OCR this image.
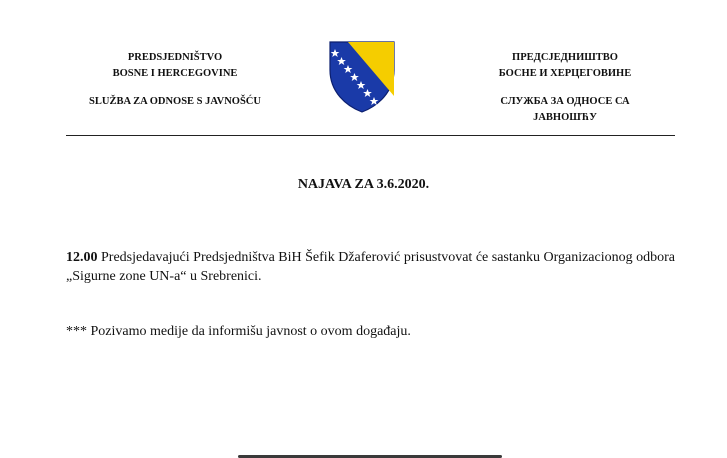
PREDSJEDNIŠTVO
BOSNE I HERCEGOVINE
SLUŽBA ZA ODNOSE S JAVNOŠĆU
ПРЕДСЈЕДНИШТВО
БОСНЕ И ХЕРЦЕГОВИНЕ
СЛУЖБА ЗА ОДНОСЕ СА
ЈАВНОШЋУ
NAJAVA ZA 3.6.2020.
12.00 Predsjedavajući Predsjedništva BiH Šefik Džaferović prisustvovat će sastanku Organizacionog odbora „Sigurne zone UN-a“ u Srebrenici.
*** Pozivamo medije da informišu javnost o ovom događaju.
